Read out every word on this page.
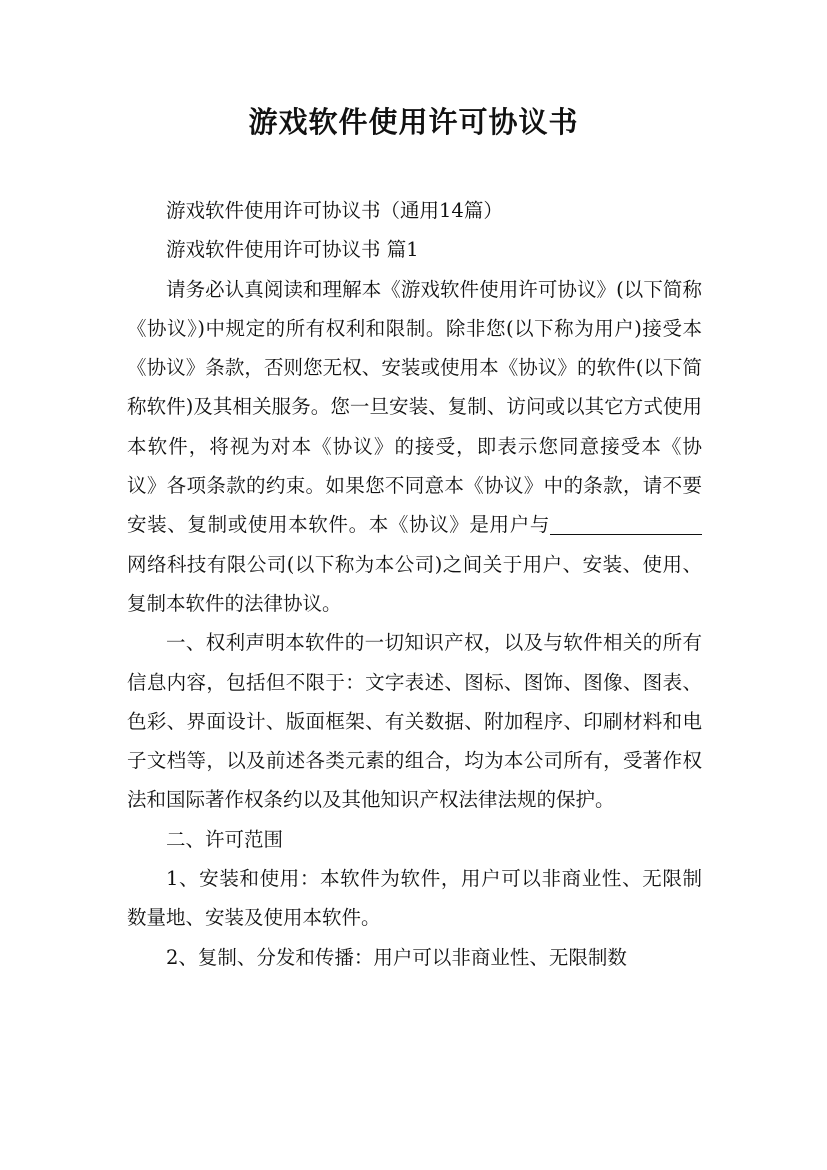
游戏软件使用许可协议书

游戏软件使用许可协议书（通用14篇）

游戏软件使用许可协议书 篇1

请务必认真阅读和理解本《游戏软件使用许可协议》(以下简称《协议》)中规定的所有权利和限制。除非您(以下称为用户)接受本《协议》条款，否则您无权、安装或使用本《协议》的软件(以下简称软件)及其相关服务。您一旦安装、复制、访问或以其它方式使用本软件，将视为对本《协议》的接受，即表示您同意接受本《协议》各项条款的约束。如果您不同意本《协议》中的条款，请不要安装、复制或使用本软件。本《协议》是用户与网络科技有限公司(以下称为本公司)之间关于用户、安装、使用、复制本软件的法律协议。

一、权利声明本软件的一切知识产权，以及与软件相关的所有信息内容，包括但不限于：文字表述、图标、图饰、图像、图表、色彩、界面设计、版面框架、有关数据、附加程序、印刷材料和电子文档等，以及前述各类元素的组合，均为本公司所有，受著作权法和国际著作权条约以及其他知识产权法律法规的保护。

二、许可范围

1、安装和使用：本软件为软件，用户可以非商业性、无限制数量地、安装及使用本软件。

2、复制、分发和传播：用户可以非商业性、无限制数
